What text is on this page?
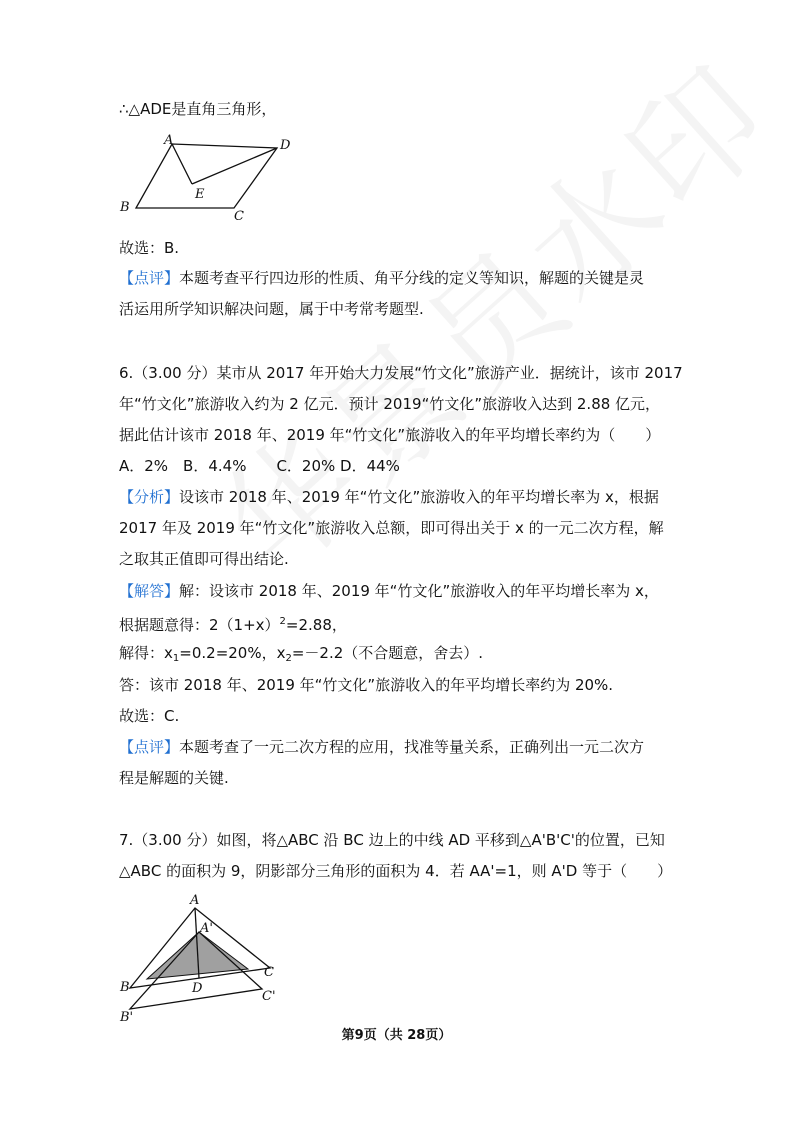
∴△ADE是直角三角形，
A	D
E
B
C
故选：B.
【点评】本题考查平行四边形的性质、角平分线的定义等知识，解题的关键是灵
活运用所学知识解决问题，属于中考常考题型.
6.（3.00 分）某市从 2017 年开始大力发展“竹文化”旅游产业．据统计，该市 2017
年“竹文化”旅游收入约为 2 亿元．预计 2019“竹文化”旅游收入达到 2.88 亿元，
据此估计该市 2018 年、2019 年“竹文化”旅游收入的年平均增长率约为（　　）
A．2%　B．4.4%　　C．20% D．44%
【分析】设该市 2018 年、2019 年“竹文化”旅游收入的年平均增长率为 x，根据
2017 年及 2019 年“竹文化”旅游收入总额，即可得出关于 x 的一元二次方程，解
之取其正值即可得出结论.
【解答】解：设该市 2018 年、2019 年“竹文化”旅游收入的年平均增长率为 x，
根据题意得：$2(1+x)^2=2.88$，
解得：$x_1=0.2=20\%$，$x_2=-2.2$（不合题意，舍去）.
答：该市 2018 年、2019 年“竹文化”旅游收入的年平均增长率约为 20%.
故选：C.
【点评】本题考查了一元二次方程的应用，找准等量关系，正确列出一元二次方
程是解题的关键.
7.（3.00 分）如图，将△ABC 沿 BC 边上的中线 AD 平移到△A'B'C'的位置，已知
△ABC 的面积为 9，阴影部分三角形的面积为 4．若 AA'=1，则 A'D 等于（　　）
A
A'
B
B'
C
C'
D
第9页（共 28页）
